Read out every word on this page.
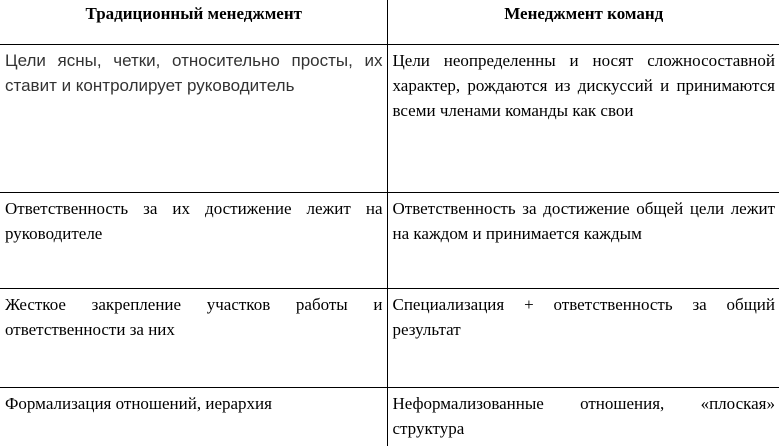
Традиционный менеджмент	Менеджмент команд
Цели ясны, четки, относительно просты, их ставит и контролирует руководитель	Цели неопределенны и носят сложносоставной характер, рождаются из дискуссий и принимаются всеми членами команды как свои
Ответственность за их достижение лежит на руководителе	Ответственность за достижение общей цели лежит на каждом и принимается каждым
Жесткое закрепление участков работы и ответственности за них	Специализация + ответственность за общий результат
Формализация отношений, иерархия	Неформализованные отношения, «плоская» структура
